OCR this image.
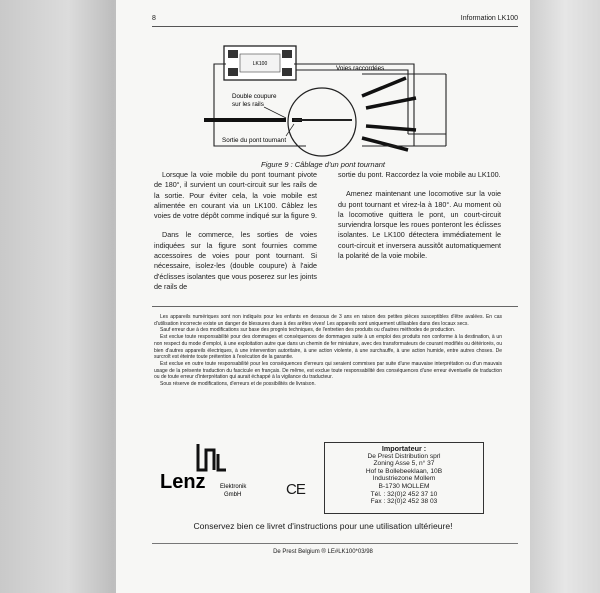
8	Information LK100
LK100
Double coupure
sur les rails
Sortie du pont tournant
Voies raccordées
Figure 9 : Câblage d'un pont tournant

Lorsque la voie mobile du pont tournant pivote de 180°, il survient un court-circuit sur les rails de la sortie. Pour éviter cela, la voie mobile est alimentée en courant via un LK100. Câblez les voies de votre dépôt comme indiqué sur la figure 9.

Dans le commerce, les sorties de voies indiquées sur la figure sont fournies comme accessoires de voies pour pont tournant. Si nécessaire, isolez-les (double coupure) à l'aide d'éclisses isolantes que vous poserez sur les joints de rails de

sortie du pont. Raccordez la voie mobile au LK100.

Amenez maintenant une locomotive sur la voie du pont tournant et virez-la à 180°. Au moment où la locomotive quittera le pont, un court-circuit surviendra lorsque les roues ponteront les éclisses isolantes. Le LK100 détectera immédiatement le court-circuit et inversera aussitôt automatiquement la polarité de la voie mobile.

Les appareils numériques sont non indiqués pour les enfants en dessous de 3 ans en raison des petites pièces susceptibles d'être avalées. En cas d'utilisation incorrecte existe un danger de blessures dues à des arêtes vives! Les appareils sont uniquement utilisables dans des locaux secs.

Sauf erreur due à des modifications sur base des progrès techniques, de l'entretien des produits ou d'autres méthodes de production.

Est exclue toute responsabilité pour des dommages et conséquences de dommages suite à un emploi des produits non conforme à la destination, à un non respect du mode d'emploi, à une exploitation autre que dans un chemin de fer miniature, avec des transformateurs de courant modifiés ou détériorés, ou bien d'autres appareils électriques, à une intervention autoritaire, à une action violente, à une surchauffe, à une action humide, entre autres choses. De surcroît est éteinte toute prétention à l'exécution de la garantie.

Est exclue en outre toute responsabilité pour les conséquences d'erreurs qui seraient commises par suite d'une mauvaise interprétation ou d'un mauvais usage de la présente traduction du fascicule en français. De même, est exclue toute responsabilité des conséquences d'une erreur éventuelle de traduction ou de toute erreur d'interprétation qui aurait échappé à la vigilance du traducteur.

Sous réserve de modifications, d'erreurs et de possibilités de livraison.

Lenz Elektronik
GmbH	CE
Importateur :
De Prest Distribution sprl
Zoning Asse 5, n° 37
Hof te Bollebeeklaan, 10B
Industriezone Mollem
B-1730 MOLLEM
Tél. : 32(0)2 452 37 10
Fax : 32(0)2 452 38 03
Conservez bien ce livret d'instructions pour une utilisation ultérieure!
De Prest Belgium ® LE#LK100*03/98
